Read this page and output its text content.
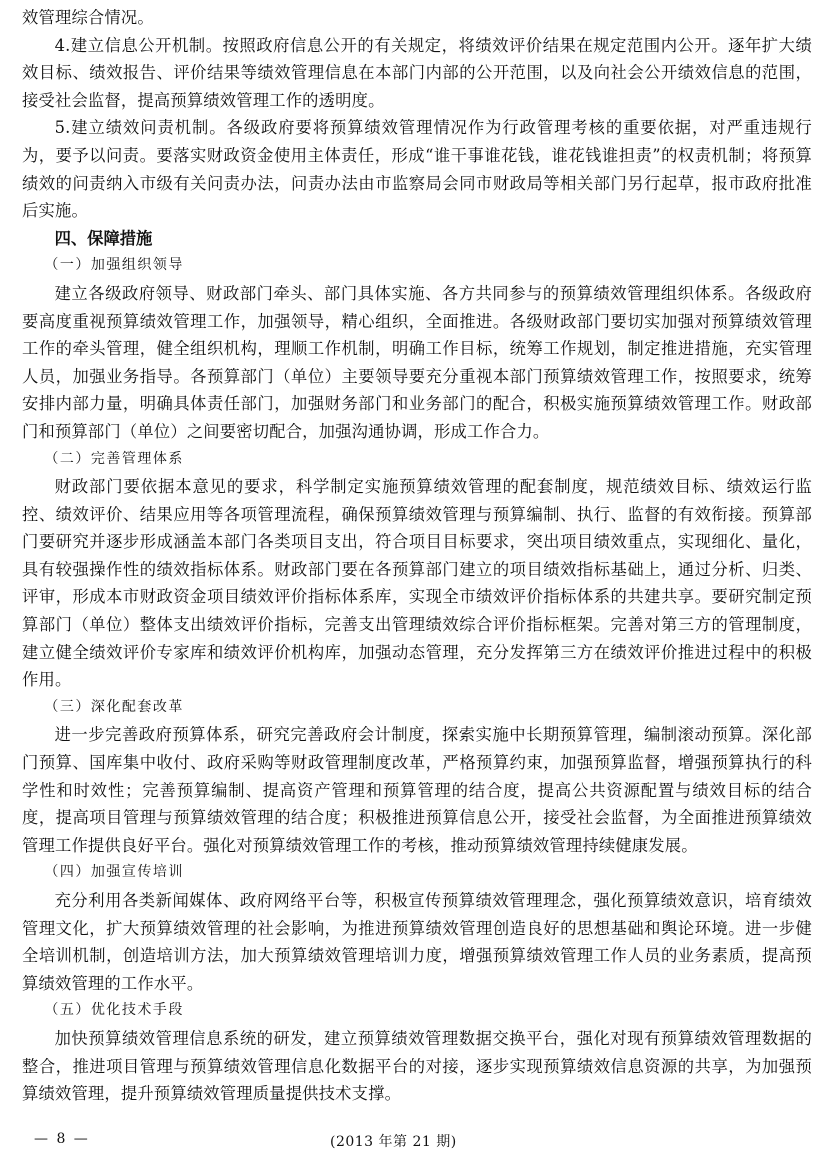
效管理综合情况。

4.建立信息公开机制。按照政府信息公开的有关规定，将绩效评价结果在规定范围内公开。逐年扩大绩效目标、绩效报告、评价结果等绩效管理信息在本部门内部的公开范围，以及向社会公开绩效信息的范围，接受社会监督，提高预算绩效管理工作的透明度。

5.建立绩效问责机制。各级政府要将预算绩效管理情况作为行政管理考核的重要依据，对严重违规行为，要予以问责。要落实财政资金使用主体责任，形成“谁干事谁花钱，谁花钱谁担责”的权责机制；将预算绩效的问责纳入市级有关问责办法，问责办法由市监察局会同市财政局等相关部门另行起草，报市政府批准后实施。

四、保障措施

（一）加强组织领导

建立各级政府领导、财政部门牵头、部门具体实施、各方共同参与的预算绩效管理组织体系。各级政府要高度重视预算绩效管理工作，加强领导，精心组织，全面推进。各级财政部门要切实加强对预算绩效管理工作的牵头管理，健全组织机构，理顺工作机制，明确工作目标，统筹工作规划，制定推进措施，充实管理人员，加强业务指导。各预算部门（单位）主要领导要充分重视本部门预算绩效管理工作，按照要求，统筹安排内部力量，明确具体责任部门，加强财务部门和业务部门的配合，积极实施预算绩效管理工作。财政部门和预算部门（单位）之间要密切配合，加强沟通协调，形成工作合力。

（二）完善管理体系

财政部门要依据本意见的要求，科学制定实施预算绩效管理的配套制度，规范绩效目标、绩效运行监控、绩效评价、结果应用等各项管理流程，确保预算绩效管理与预算编制、执行、监督的有效衔接。预算部门要研究并逐步形成涵盖本部门各类项目支出，符合项目目标要求，突出项目绩效重点，实现细化、量化，具有较强操作性的绩效指标体系。财政部门要在各预算部门建立的项目绩效指标基础上，通过分析、归类、评审，形成本市财政资金项目绩效评价指标体系库，实现全市绩效评价指标体系的共建共享。要研究制定预算部门（单位）整体支出绩效评价指标，完善支出管理绩效综合评价指标框架。完善对第三方的管理制度，建立健全绩效评价专家库和绩效评价机构库，加强动态管理，充分发挥第三方在绩效评价推进过程中的积极作用。

（三）深化配套改革

进一步完善政府预算体系，研究完善政府会计制度，探索实施中长期预算管理，编制滚动预算。深化部门预算、国库集中收付、政府采购等财政管理制度改革，严格预算约束，加强预算监督，增强预算执行的科学性和时效性；完善预算编制、提高资产管理和预算管理的结合度，提高公共资源配置与绩效目标的结合度，提高项目管理与预算绩效管理的结合度；积极推进预算信息公开，接受社会监督，为全面推进预算绩效管理工作提供良好平台。强化对预算绩效管理工作的考核，推动预算绩效管理持续健康发展。

（四）加强宣传培训

充分利用各类新闻媒体、政府网络平台等，积极宣传预算绩效管理理念，强化预算绩效意识，培育绩效管理文化，扩大预算绩效管理的社会影响，为推进预算绩效管理创造良好的思想基础和舆论环境。进一步健全培训机制，创造培训方法，加大预算绩效管理培训力度，增强预算绩效管理工作人员的业务素质，提高预算绩效管理的工作水平。

（五）优化技术手段

加快预算绩效管理信息系统的研发，建立预算绩效管理数据交换平台，强化对现有预算绩效管理数据的整合，推进项目管理与预算绩效管理信息化数据平台的对接，逐步实现预算绩效信息资源的共享，为加强预算绩效管理，提升预算绩效管理质量提供技术支撑。

— 8 —	(2013 年第 21 期)
